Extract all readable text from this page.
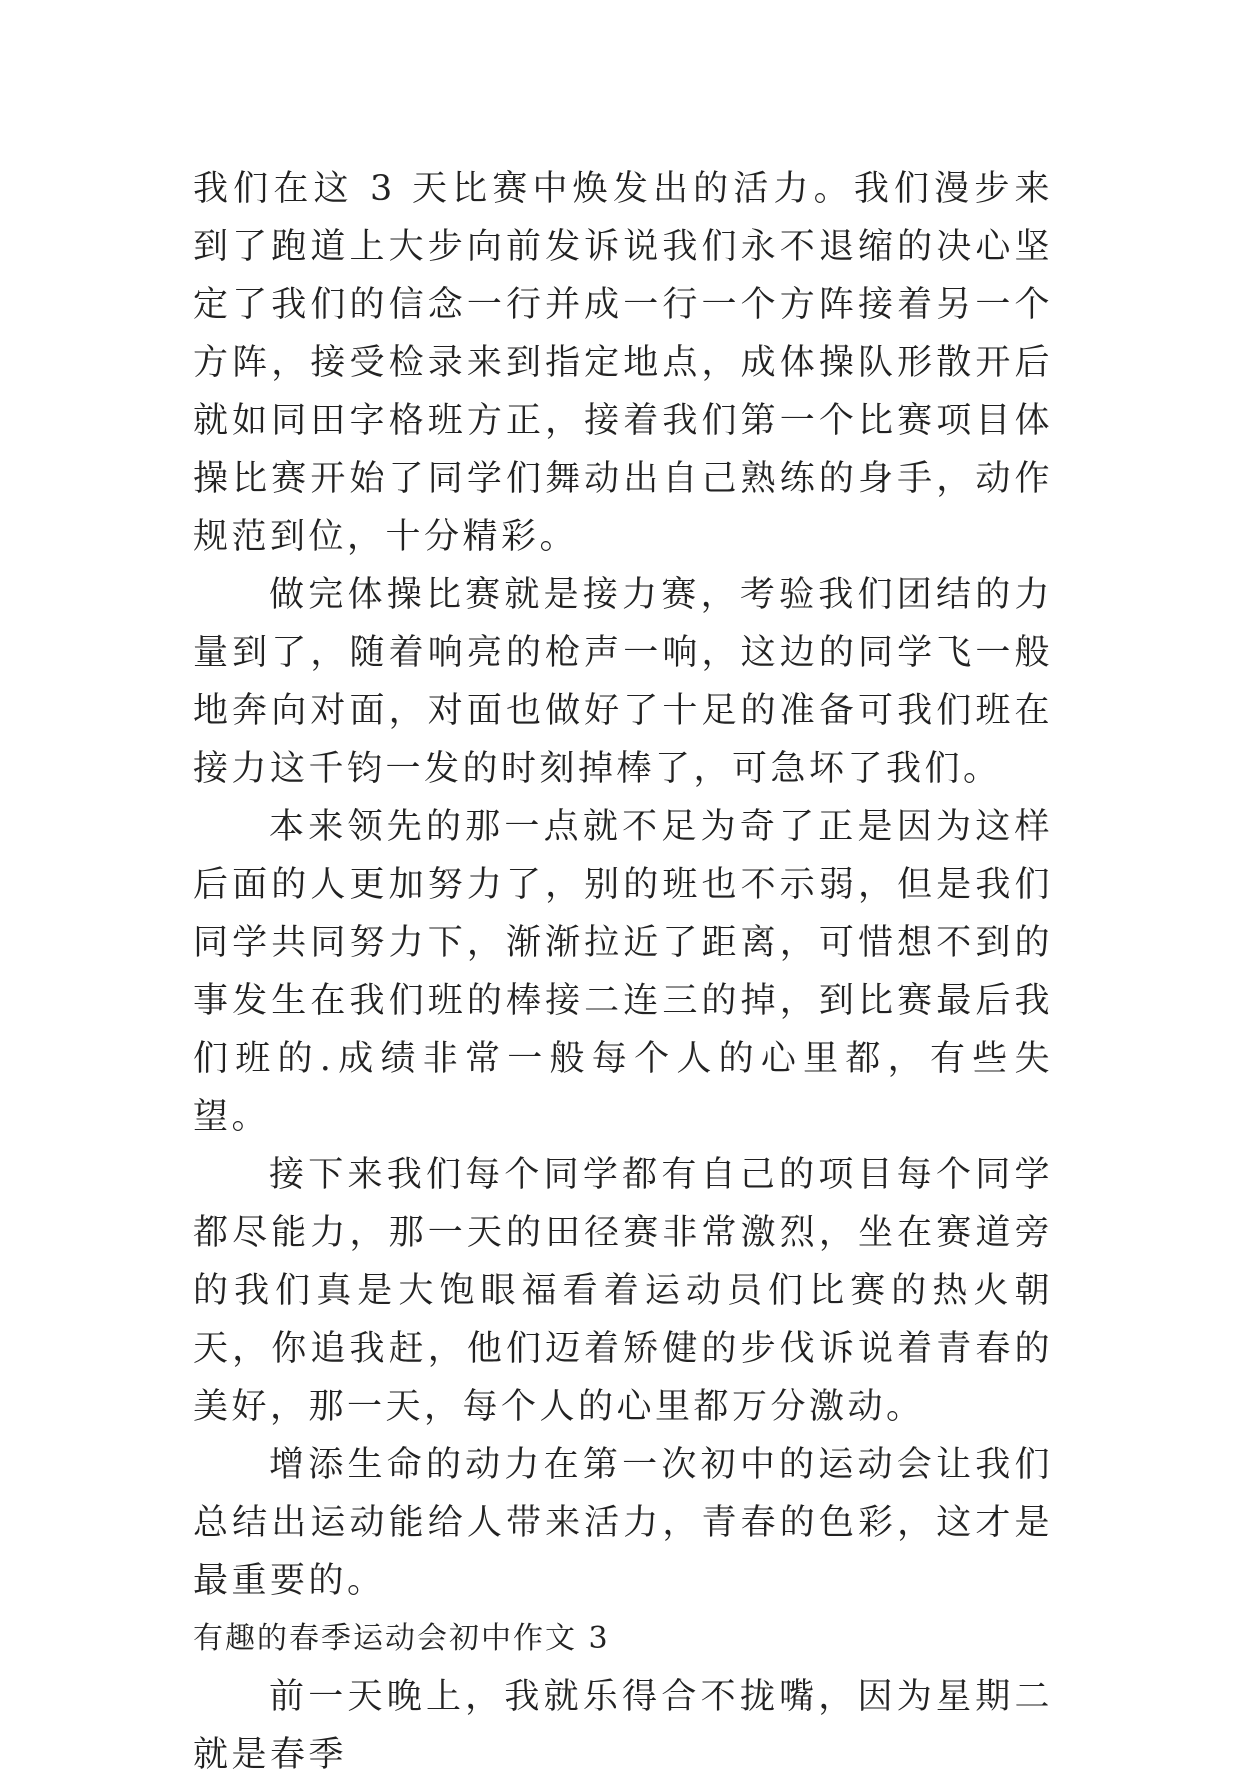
我们在这 3 天比赛中焕发出的活力。我们漫步来到了跑道上大步向前发诉说我们永不退缩的决心坚定了我们的信念一行并成一行一个方阵接着另一个方阵，接受检录来到指定地点，成体操队形散开后就如同田字格班方正，接着我们第一个比赛项目体操比赛开始了同学们舞动出自己熟练的身手，动作规范到位，十分精彩。

做完体操比赛就是接力赛，考验我们团结的力量到了，随着响亮的枪声一响，这边的同学飞一般地奔向对面，对面也做好了十足的准备可我们班在接力这千钧一发的时刻掉棒了，可急坏了我们。

本来领先的那一点就不足为奇了正是因为这样后面的人更加努力了，别的班也不示弱，但是我们同学共同努力下，渐渐拉近了距离，可惜想不到的事发生在我们班的棒接二连三的掉，到比赛最后我们班的.成绩非常一般每个人的心里都，有些失望。

接下来我们每个同学都有自己的项目每个同学都尽能力，那一天的田径赛非常激烈，坐在赛道旁的我们真是大饱眼福看着运动员们比赛的热火朝天，你追我赶，他们迈着矫健的步伐诉说着青春的美好，那一天，每个人的心里都万分激动。

增添生命的动力在第一次初中的运动会让我们总结出运动能给人带来活力，青春的色彩，这才是最重要的。

有趣的春季运动会初中作文 3

前一天晚上，我就乐得合不拢嘴，因为星期二就是春季
